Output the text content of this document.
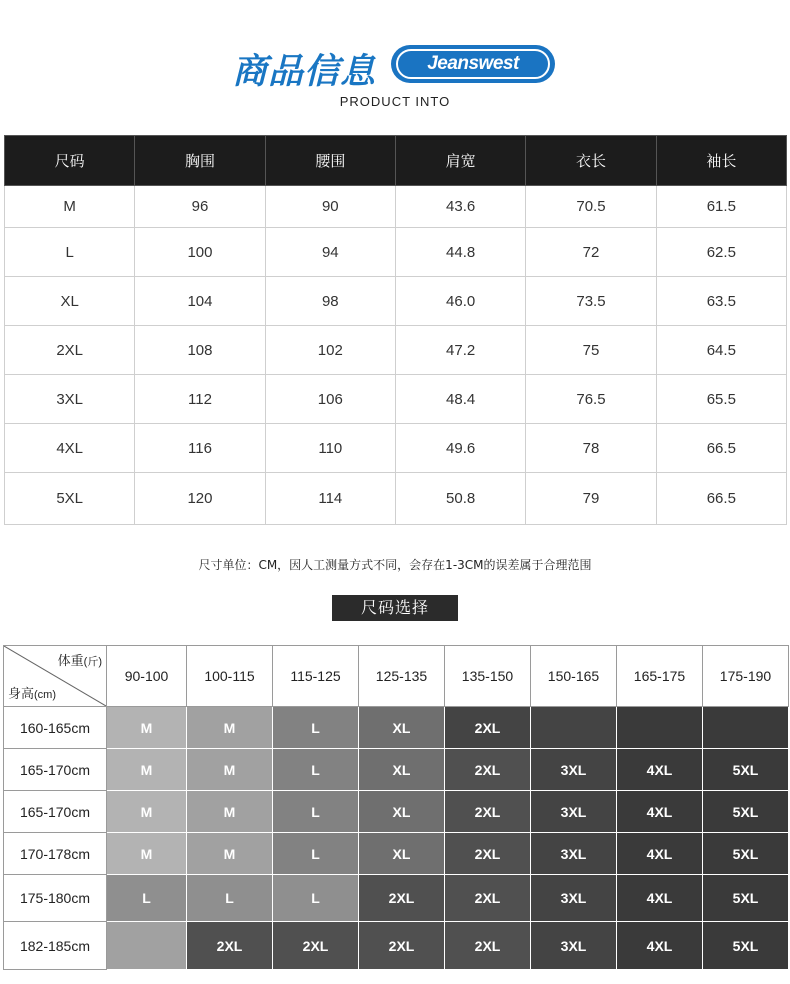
商品信息	Jeanswest
PRODUCT INTO
尺码	胸围	腰围	肩宽	衣长	袖长
M	96	90	43.6	70.5	61.5
L	100	94	44.8	72	62.5
XL	104	98	46.0	73.5	63.5
2XL	108	102	47.2	75	64.5
3XL	112	106	48.4	76.5	65.5
4XL	116	110	49.6	78	66.5
5XL	120	114	50.8	79	66.5
尺寸单位：CM，因人工测量方式不同，会存在1-3CM的误差属于合理范围
尺码选择
体重(斤)
身高(cm)	90-100	100-115	115-125	125-135	135-150	150-165	165-175	175-190
160-165cm	M	M	L	XL	2XL			
165-170cm	M	M	L	XL	2XL	3XL	4XL	5XL
165-170cm	M	M	L	XL	2XL	3XL	4XL	5XL
170-178cm	M	M	L	XL	2XL	3XL	4XL	5XL
175-180cm	L	L	L	2XL	2XL	3XL	4XL	5XL
182-185cm		2XL	2XL	2XL	2XL	3XL	4XL	5XL
